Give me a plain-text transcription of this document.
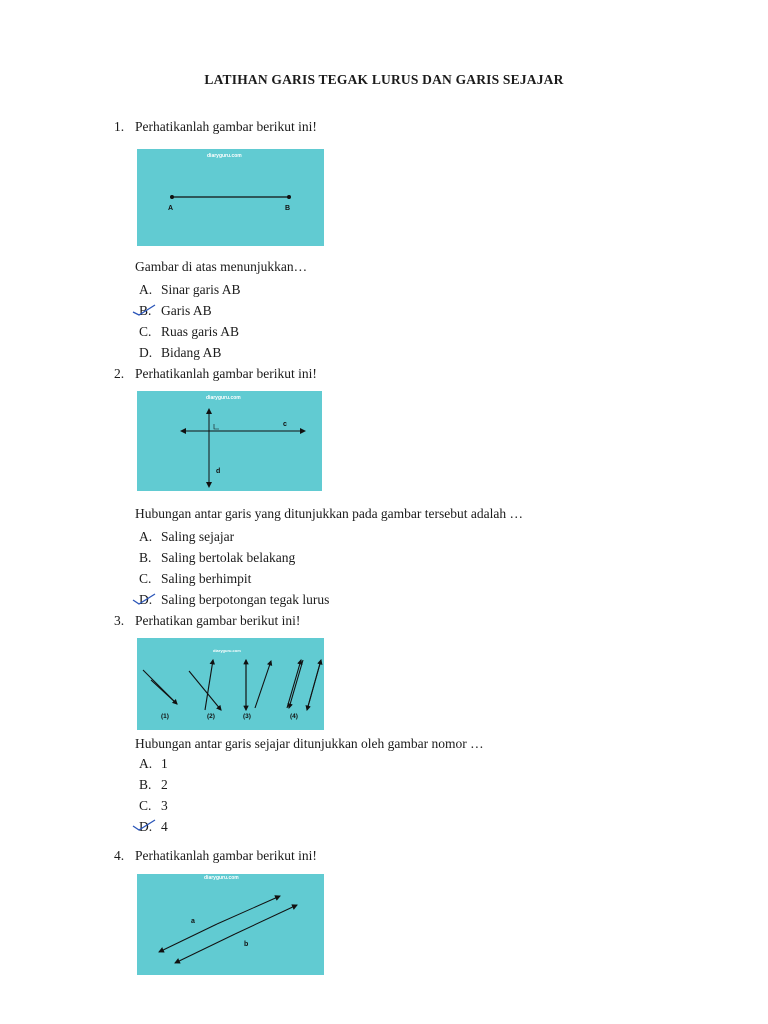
LATIHAN GARIS TEGAK LURUS DAN GARIS SEJAJAR
1. Perhatikanlah gambar berikut ini!
diaryguru.com
A	B
Gambar di atas menunjukkan…
A. Sinar garis AB
B. Garis AB
C. Ruas garis AB
D. Bidang AB
2. Perhatikanlah gambar berikut ini!
diaryguru.com
c
d
Hubungan antar garis yang ditunjukkan pada gambar tersebut adalah …
A. Saling sejajar
B. Saling bertolak belakang
C. Saling berhimpit
D. Saling berpotongan tegak lurus
3. Perhatikan gambar berikut ini!
diaryguru.com
(1)	(2)	(3)	(4)
Hubungan antar garis sejajar ditunjukkan oleh gambar nomor …
A. 1
B. 2
C. 3
D. 4
4. Perhatikanlah gambar berikut ini!
diaryguru.com
a
b
